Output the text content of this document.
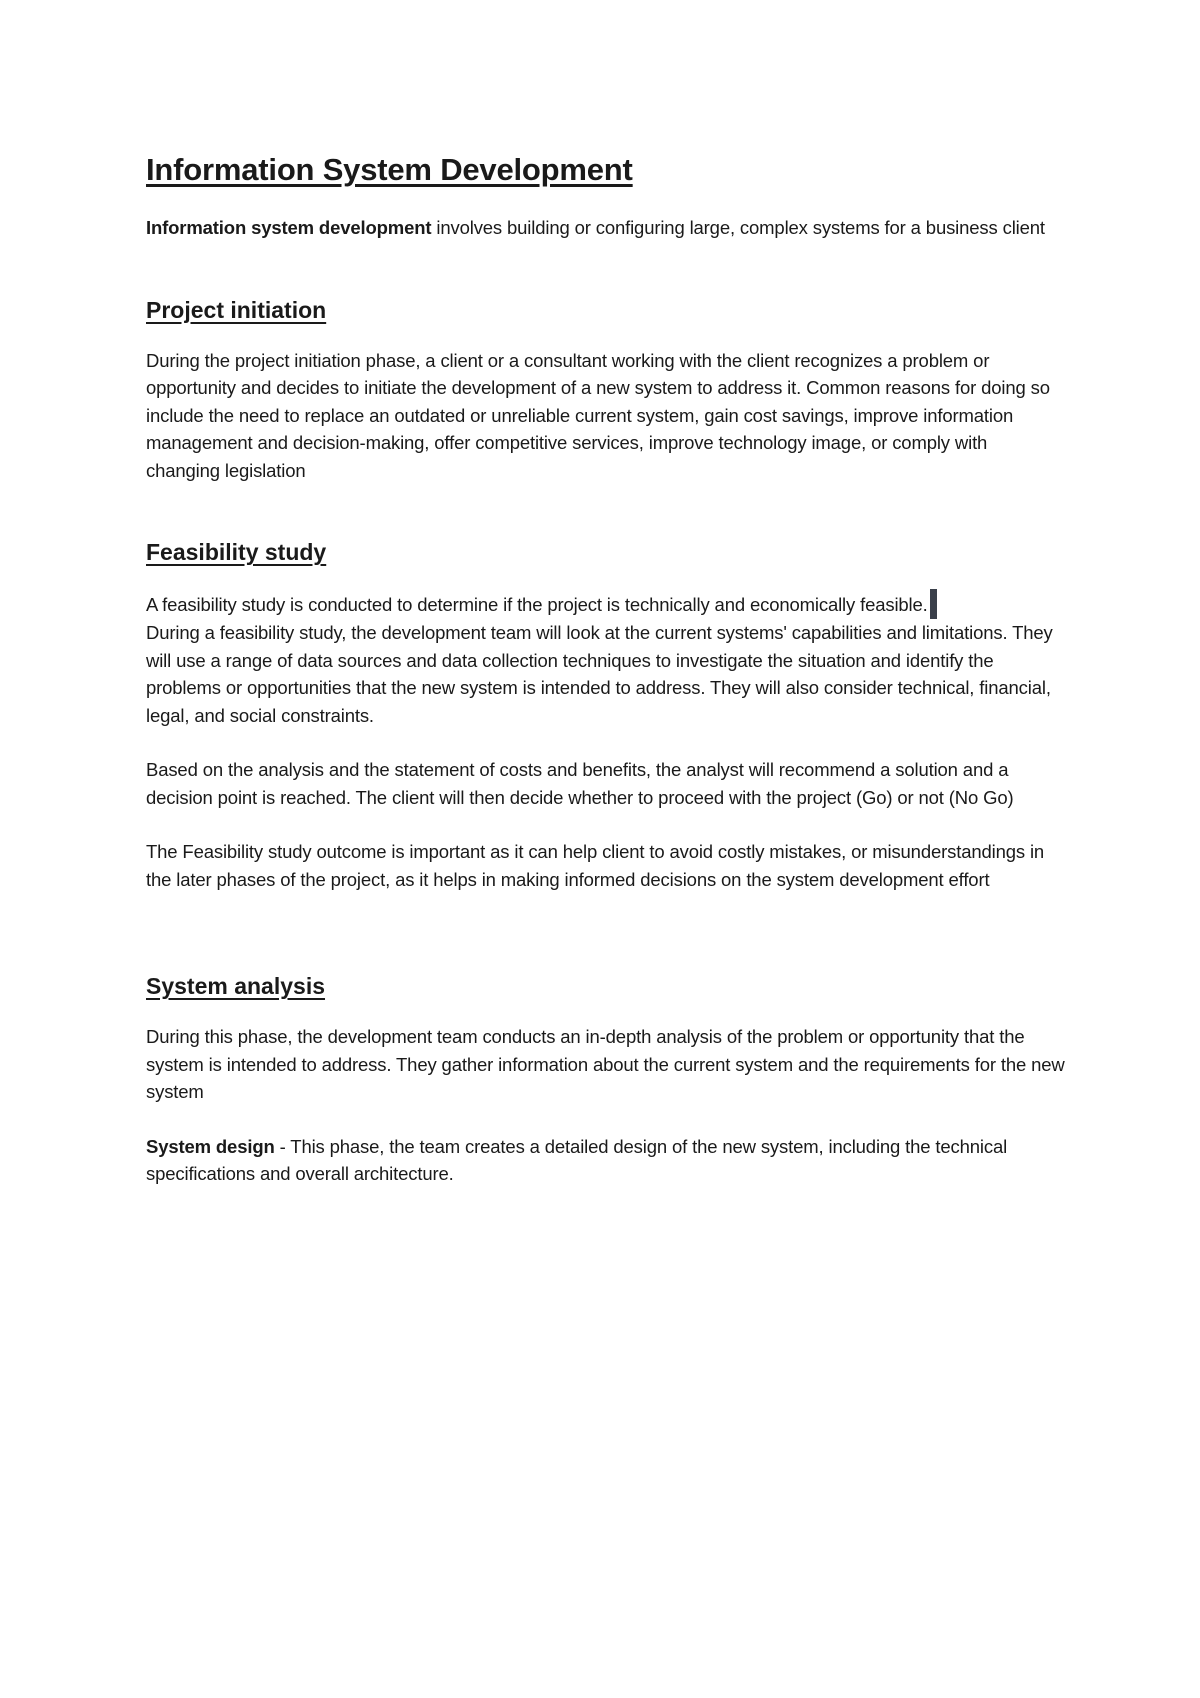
Information System Development

Information system development involves building or configuring large, complex systems for a business client

Project initiation

During the project initiation phase, a client or a consultant working with the client recognizes a problem or opportunity and decides to initiate the development of a new system to address it. Common reasons for doing so include the need to replace an outdated or unreliable current system, gain cost savings, improve information management and decision-making, offer competitive services, improve technology image, or comply with changing legislation

Feasibility study

A feasibility study is conducted to determine if the project is technically and economically feasible.
During a feasibility study, the development team will look at the current systems' capabilities and limitations. They will use a range of data sources and data collection techniques to investigate the situation and identify the problems or opportunities that the new system is intended to address. They will also consider technical, financial, legal, and social constraints.

Based on the analysis and the statement of costs and benefits, the analyst will recommend a solution and a decision point is reached. The client will then decide whether to proceed with the project (Go) or not (No Go)

The Feasibility study outcome is important as it can help client to avoid costly mistakes, or misunderstandings in the later phases of the project, as it helps in making informed decisions on the system development effort

System analysis

During this phase, the development team conducts an in-depth analysis of the problem or opportunity that the system is intended to address. They gather information about the current system and the requirements for the new system

System design - This phase, the team creates a detailed design of the new system, including the technical specifications and overall architecture.
